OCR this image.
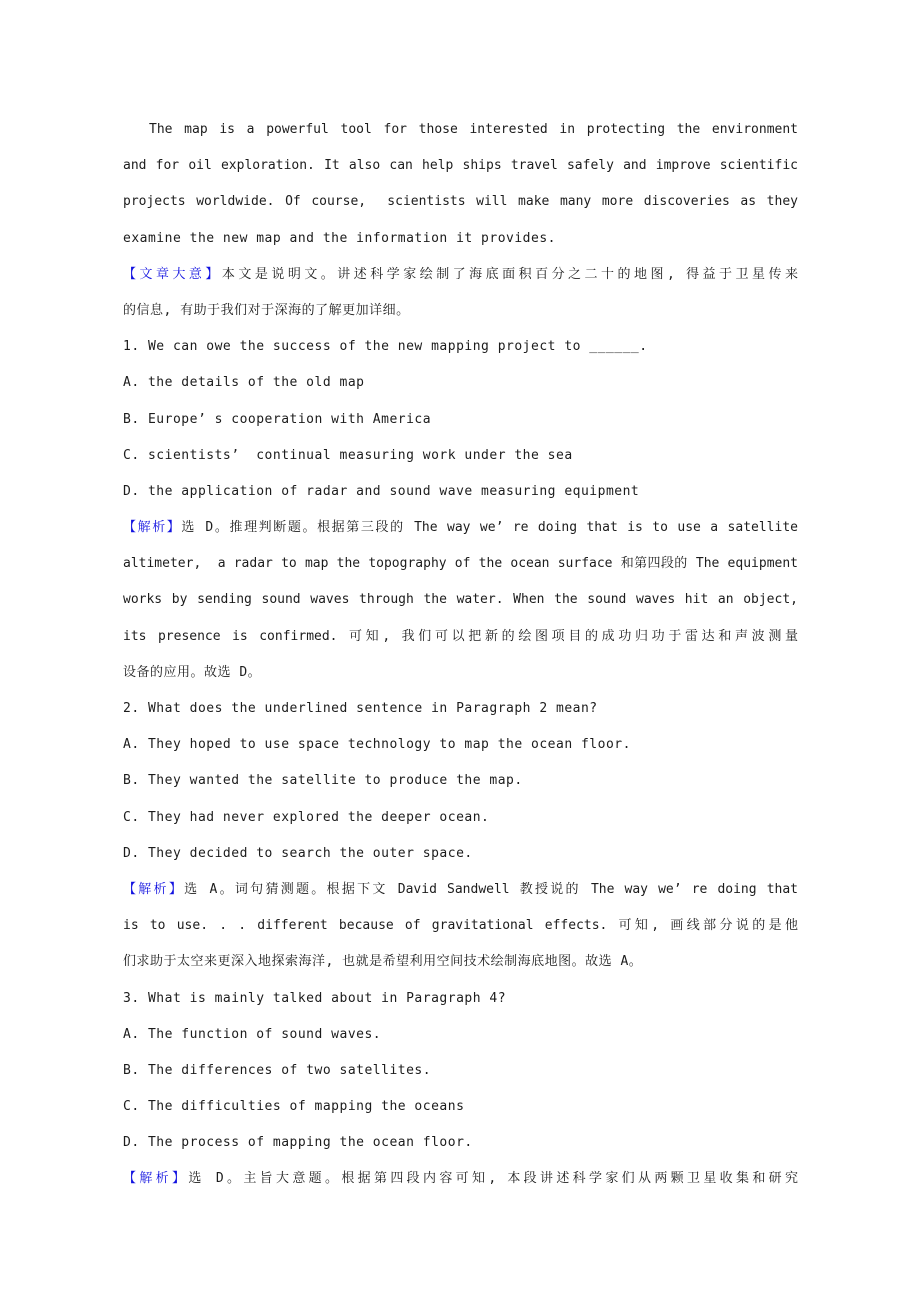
The map is a powerful tool for those interested in protecting the environment
and for oil exploration. It also can help ships travel safely and improve scientific
projects worldwide. Of course,  scientists will make many more discoveries as they
examine the new map and the information it provides.
【文章大意】本文是说明文。讲述科学家绘制了海底面积百分之二十的地图, 得益于卫星传来
的信息, 有助于我们对于深海的了解更加详细。
1. We can owe the success of the new mapping project to ______.
A. the details of the old map
B. Europe’ s cooperation with America
C. scientists’  continual measuring work under the sea
D. the application of radar and sound wave measuring equipment
【解析】选 D。推理判断题。根据第三段的 The way we’ re doing that is to use a satellite
altimeter,  a radar to map the topography of the ocean surface 和第四段的 The equipment
works by sending sound waves through the water. When the sound waves hit an object,
its presence is confirmed. 可知, 我们可以把新的绘图项目的成功归功于雷达和声波测量
设备的应用。故选 D。
2. What does the underlined sentence in Paragraph 2 mean?
A. They hoped to use space technology to map the ocean floor.
B. They wanted the satellite to produce the map.
C. They had never explored the deeper ocean.
D. They decided to search the outer space.
【解析】选 A。词句猜测题。根据下文 David Sandwell 教授说的 The way we’ re doing that
is to use. . . different because of gravitational effects. 可知, 画线部分说的是他
们求助于太空来更深入地探索海洋, 也就是希望利用空间技术绘制海底地图。故选 A。
3. What is mainly talked about in Paragraph 4?
A. The function of sound waves.
B. The differences of two satellites.
C. The difficulties of mapping the oceans
D. The process of mapping the ocean floor.
【解析】选 D。主旨大意题。根据第四段内容可知, 本段讲述科学家们从两颗卫星收集和研究
